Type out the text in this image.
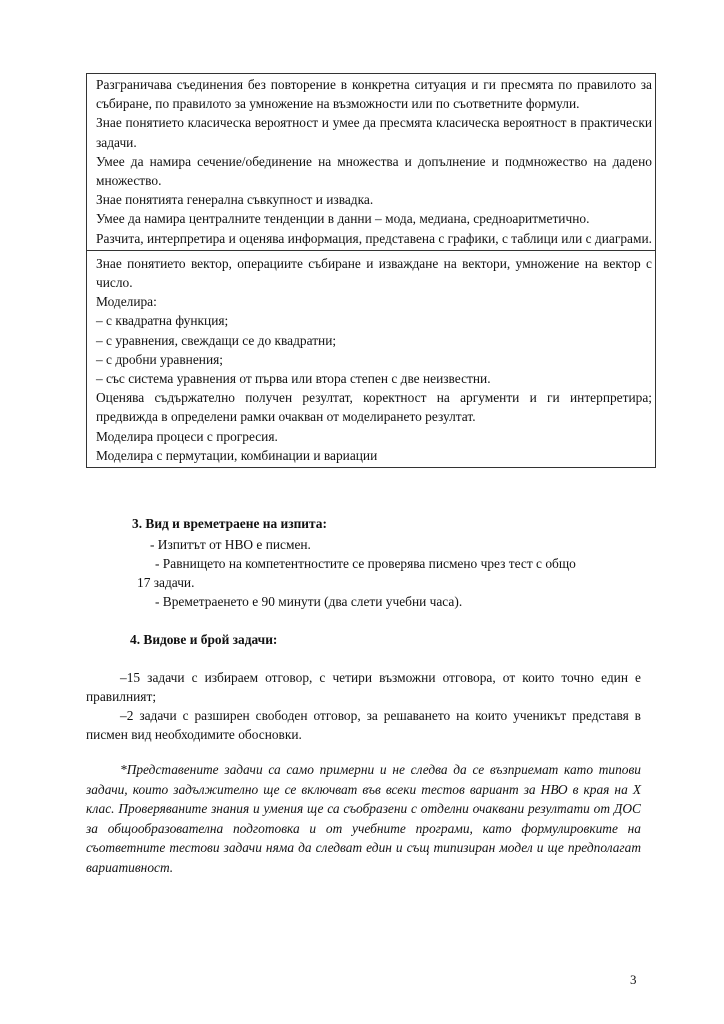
Разграничава съединения без повторение в конкретна ситуация и ги пресмята по правилото за събиране, по правилото за умножение на възможности или по съответните формули.

Знае понятието класическа вероятност и умее да пресмята класическа вероятност в практически задачи.

Умее да намира сечение/обединение на множества и допълнение и подмножество на дадено множество.

Знае понятията генерална съвкупност и извадка.

Умее да намира централните тенденции в данни – мода, медиана, средноаритметично.

Разчита, интерпретира и оценява информация, представена с графики, с таблици или с диаграми.

Знае понятието вектор, операциите събиране и изваждане на вектори, умножение на вектор с число.

Моделира:

– с квадратна функция;

– с уравнения, свеждащи се до квадратни;

– с дробни уравнения;

– със система уравнения от първа или втора степен с две неизвестни.

Оценява съдържателно получен резултат, коректност на аргументи и ги интерпретира; предвижда в определени рамки очакван от моделирането резултат.

Моделира процеси с прогресия.

Моделира с пермутации, комбинации и вариации

3. Вид и времетраене на изпита:

- Изпитът от НВО е писмен.

- Равнището на компетентностите се проверява писмено чрез тест с общо

17 задачи.

- Времетраенето е 90 минути (два слети учебни часа).

4. Видове и брой задачи:

–15 задачи с избираем отговор, с четири възможни отговора, от които точно един е правилният;

–2 задачи с разширен свободен отговор, за решаването на които ученикът представя в писмен вид необходимите обосновки.

*Представените задачи са само примерни и не следва да се възприемат като типови задачи, които задължително ще се включват във всеки тестов вариант за НВО в края на X клас. Проверяваните знания и умения ще са съобразени с отделни очаквани резултати от ДОС за общообразователна подготовка и от учебните програми, като формулировките на съответните тестови задачи няма да следват един и същ типизиран модел и ще предполагат вариативност.

3
